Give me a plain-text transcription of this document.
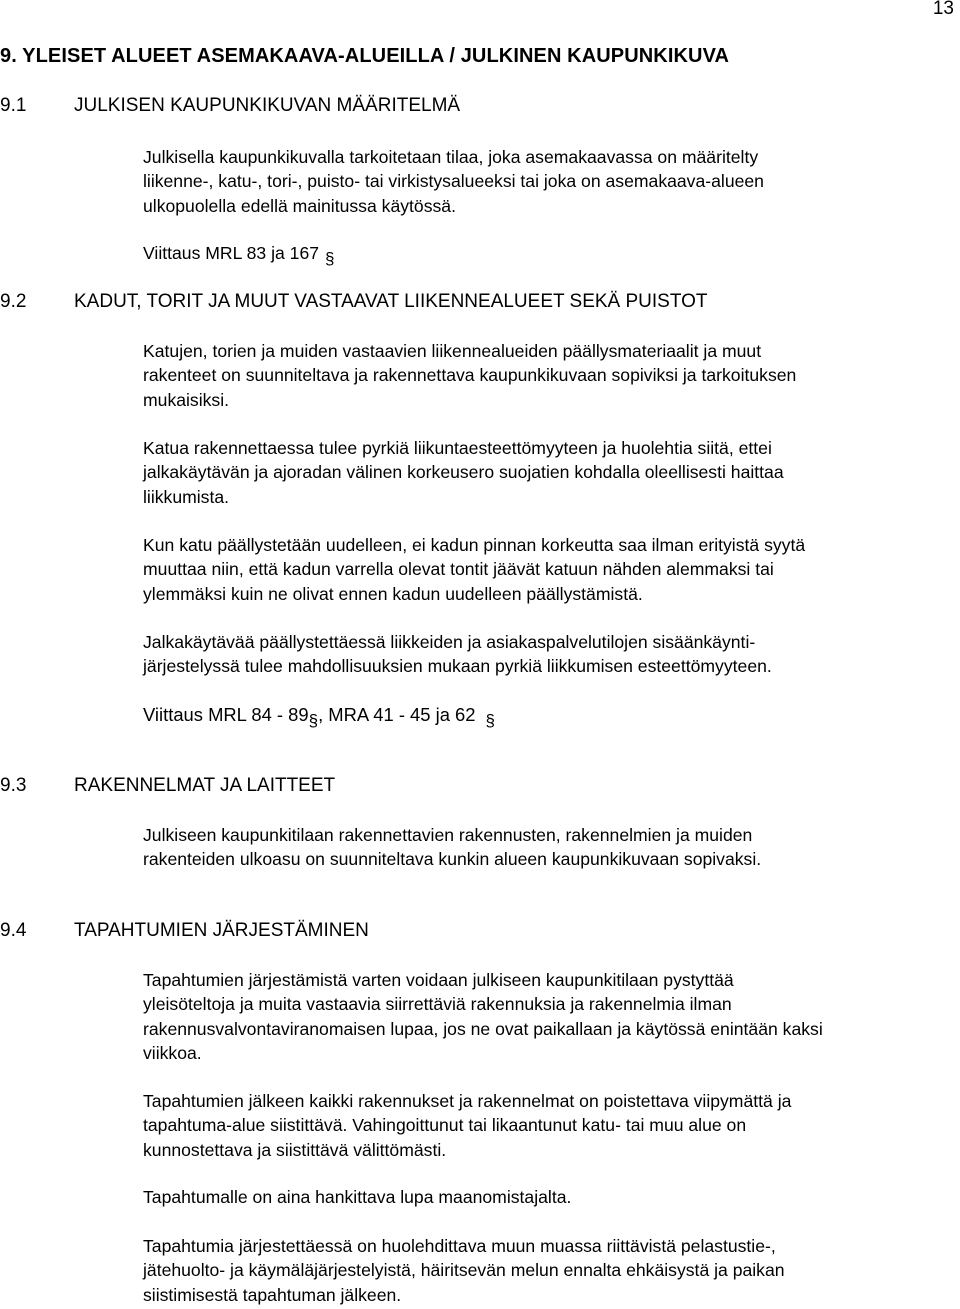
13
9. YLEISET ALUEET ASEMAKAAVA-ALUEILLA / JULKINEN KAUPUNKIKUVA
9.1	JULKISEN KAUPUNKIKUVAN MÄÄRITELMÄ
Julkisella kaupunkikuvalla tarkoitetaan tilaa, joka asemakaavassa on määritelty
liikenne-, katu-, tori-, puisto- tai virkistysalueeksi tai joka on asemakaava-alueen
ulkopuolella edellä mainitussa käytössä.
Viittaus MRL 83 ja 167 §
9.2	KADUT, TORIT JA MUUT VASTAAVAT LIIKENNEALUEET SEKÄ PUISTOT
Katujen, torien ja muiden vastaavien liikennealueiden päällysmateriaalit ja muut
rakenteet on suunniteltava ja rakennettava kaupunkikuvaan sopiviksi ja tarkoituksen
mukaisiksi.
Katua rakennettaessa tulee pyrkiä liikuntaesteettömyyteen ja huolehtia siitä, ettei
jalkakäytävän ja ajoradan välinen korkeusero suojatien kohdalla oleellisesti haittaa
liikkumista.
Kun katu päällystetään uudelleen, ei kadun pinnan korkeutta saa ilman erityistä syytä
muuttaa niin, että kadun varrella olevat tontit jäävät katuun nähden alemmaksi tai
ylemmäksi kuin ne olivat ennen kadun uudelleen päällystämistä.
Jalkakäytävää päällystettäessä liikkeiden ja asiakaspalvelutilojen sisäänkäynti-
järjestelyssä tulee mahdollisuuksien mukaan pyrkiä liikkumisen esteettömyyteen.
Viittaus MRL 84 - 89§, MRA 41 - 45 ja 62 §
9.3	RAKENNELMAT JA LAITTEET
Julkiseen kaupunkitilaan rakennettavien rakennusten, rakennelmien ja muiden
rakenteiden ulkoasu on suunniteltava kunkin alueen kaupunkikuvaan sopivaksi.
9.4	TAPAHTUMIEN JÄRJESTÄMINEN
Tapahtumien järjestämistä varten voidaan julkiseen kaupunkitilaan pystyttää
yleisöteltoja ja muita vastaavia siirrettäviä rakennuksia ja rakennelmia ilman
rakennusvalvontaviranomaisen lupaa, jos ne ovat paikallaan ja käytössä enintään kaksi
viikkoa.
Tapahtumien jälkeen kaikki rakennukset ja rakennelmat on poistettava viipymättä ja
tapahtuma-alue siistittävä. Vahingoittunut tai likaantunut katu- tai muu alue on
kunnostettava ja siistittävä välittömästi.
Tapahtumalle on aina hankittava lupa maanomistajalta.
Tapahtumia järjestettäessä on huolehdittava muun muassa riittävistä pelastustie-,
jätehuolto- ja käymäläjärjestelyistä, häiritsevän melun ennalta ehkäisystä ja paikan
siistimisestä tapahtuman jälkeen.
